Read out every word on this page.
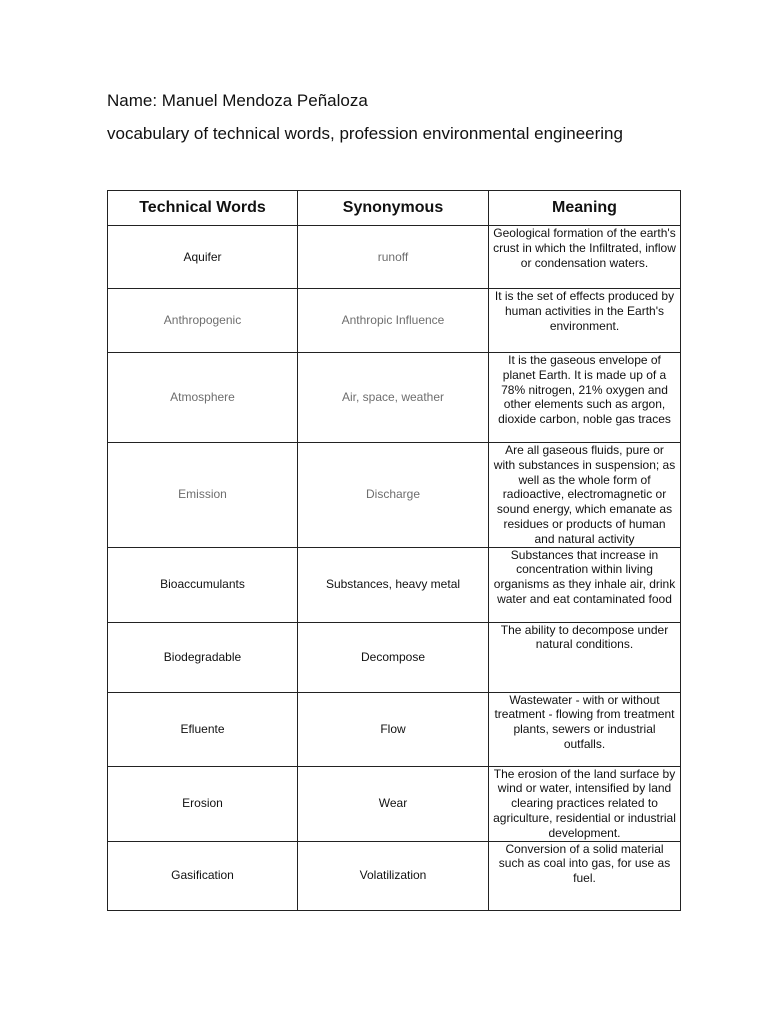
Name: Manuel Mendoza Peñaloza
vocabulary of technical words, profession environmental engineering
Technical Words	Synonymous	Meaning
Aquifer	runoff	Geological formation of the earth's crust in which the Infiltrated, inflow or condensation waters.
Anthropogenic	Anthropic Influence	It is the set of effects produced by human activities in the Earth's environment.
Atmosphere	Air, space, weather	It is the gaseous envelope of planet Earth. It is made up of a 78% nitrogen, 21% oxygen and other elements such as argon, dioxide carbon, noble gas traces
Emission	Discharge	Are all gaseous fluids, pure or with substances in suspension; as well as the whole form of radioactive, electromagnetic or sound energy, which emanate as residues or products of human and natural activity
Bioaccumulants	Substances, heavy metal	Substances that increase in concentration within living organisms as they inhale air, drink water and eat contaminated food
Biodegradable	Decompose	The ability to decompose under natural conditions.
Efluente	Flow	Wastewater - with or without treatment - flowing from treatment plants, sewers or industrial outfalls.
Erosion	Wear	The erosion of the land surface by wind or water, intensified by land clearing practices related to agriculture, residential or industrial development.
Gasification	Volatilization	Conversion of a solid material such as coal into gas, for use as fuel.
